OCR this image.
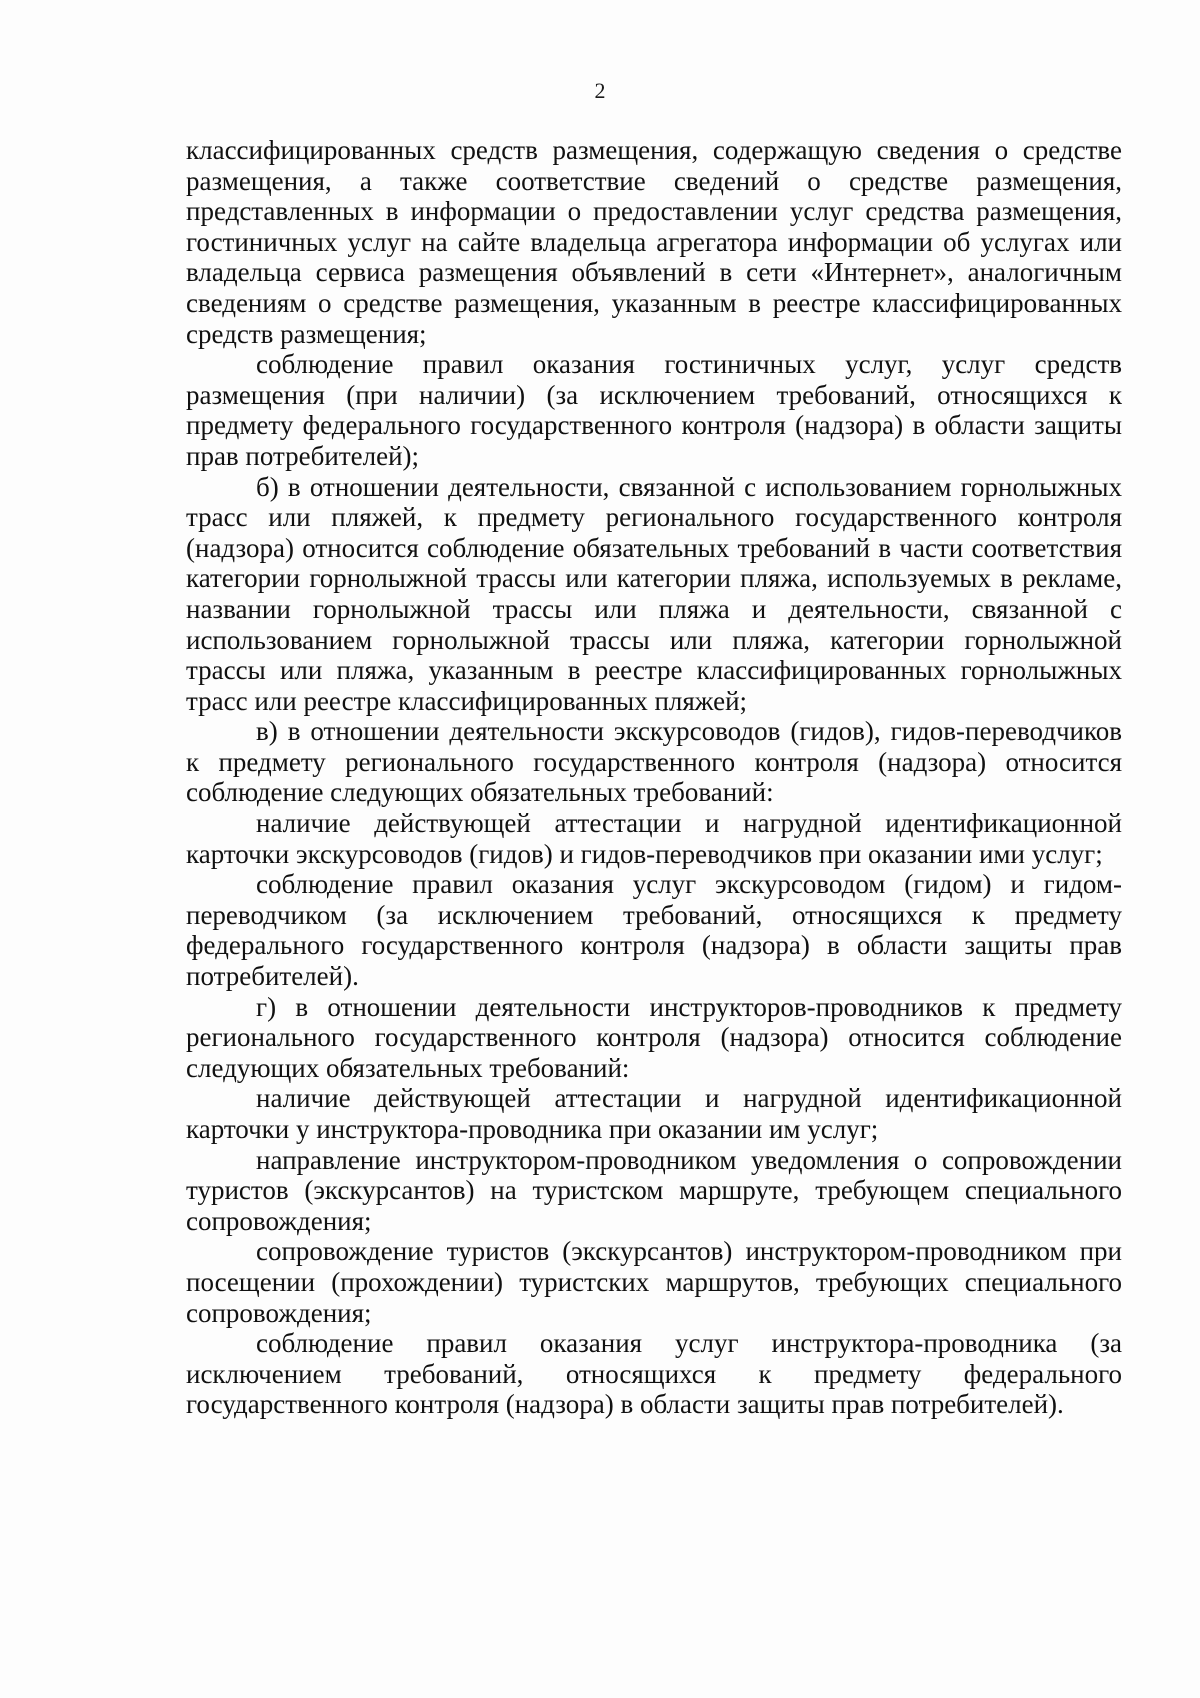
2

классифицированных средств размещения, содержащую сведения о средстве размещения, а также соответствие сведений о средстве размещения, представленных в информации о предоставлении услуг средства размещения, гостиничных услуг на сайте владельца агрегатора информации об услугах или владельца сервиса размещения объявлений в сети «Интернет», аналогичным сведениям о средстве размещения, указанным в реестре классифицированных средств размещения;

соблюдение правил оказания гостиничных услуг, услуг средств размещения (при наличии) (за исключением требований, относящихся к предмету федерального государственного контроля (надзора) в области защиты прав потребителей);

б) в отношении деятельности, связанной с использованием горнолыжных трасс или пляжей, к предмету регионального государственного контроля (надзора) относится соблюдение обязательных требований в части соответствия категории горнолыжной трассы или категории пляжа, используемых в рекламе, названии горнолыжной трассы или пляжа и деятельности, связанной с использованием горнолыжной трассы или пляжа, категории горнолыжной трассы или пляжа, указанным в реестре классифицированных горнолыжных трасс или реестре классифицированных пляжей;

в) в отношении деятельности экскурсоводов (гидов), гидов-переводчиков к предмету регионального государственного контроля (надзора) относится соблюдение следующих обязательных требований:

наличие действующей аттестации и нагрудной идентификационной карточки экскурсоводов (гидов) и гидов-переводчиков при оказании ими услуг;

соблюдение правил оказания услуг экскурсоводом (гидом) и гидом-переводчиком (за исключением требований, относящихся к предмету федерального государственного контроля (надзора) в области защиты прав потребителей).

г) в отношении деятельности инструкторов-проводников к предмету регионального государственного контроля (надзора) относится соблюдение следующих обязательных требований:

наличие действующей аттестации и нагрудной идентификационной карточки у инструктора-проводника при оказании им услуг;

направление инструктором-проводником уведомления о сопровождении туристов (экскурсантов) на туристском маршруте, требующем специального сопровождения;

сопровождение туристов (экскурсантов) инструктором-проводником при посещении (прохождении) туристских маршрутов, требующих специального сопровождения;

соблюдение правил оказания услуг инструктора-проводника (за исключением требований, относящихся к предмету федерального государственного контроля (надзора) в области защиты прав потребителей).
